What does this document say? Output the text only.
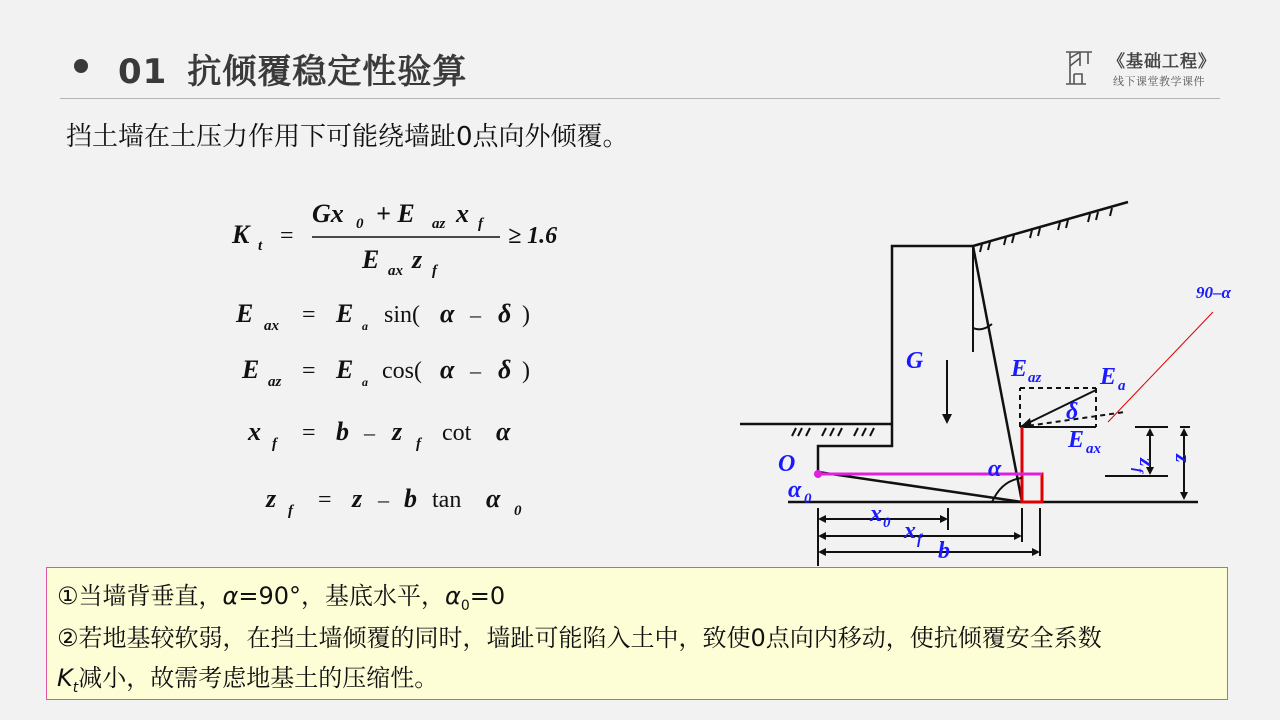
01 抗倾覆稳定性验算	《基础工程》
线下课堂教学课件
挡土墙在土压力作用下可能绕墙趾0点向外倾覆。
K t =
Gx 0 + E az x f
E ax z f
≥ 1.6
E ax = E a sin( α – δ )
E az = E a cos( α – δ )
x f = b – z f cot α
z f = z – b tan α 0
90–α
G	E az E a
δ
E ax
O
α 0
α
x 0 x f b
z
f
z
①当墙背垂直，α=90°，基底水平，$\alpha_0=0$
②若地基较软弱，在挡土墙倾覆的同时，墙趾可能陷入土中，致使0点向内移动，使抗倾覆安全系数
$K_t$减小，故需考虑地基土的压缩性。
